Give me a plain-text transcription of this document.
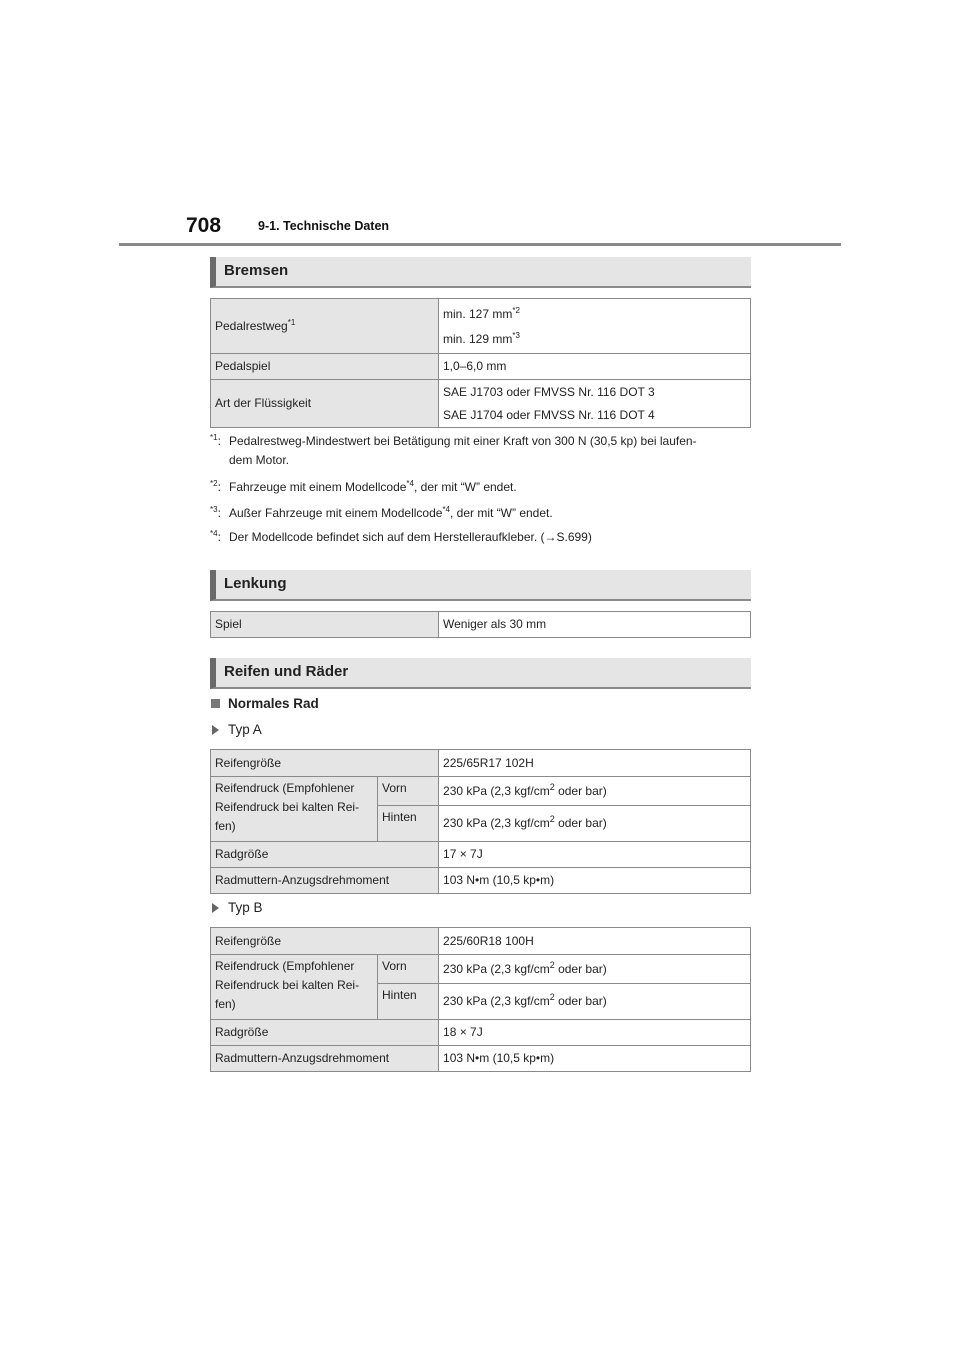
708	9-1. Technische Daten
Bremsen
Pedalrestweg$^{*1}$	min. 127 $mm^{*2}$
min. 129 $mm^{*3}$

Pedalspiel	1,0–6,0 mm
Art der Flüssigkeit	SAE J1703 oder FMVSS Nr. 116 DOT 3
SAE J1704 oder FMVSS Nr. 116 DOT 4
$^{*1}$: Pedalrestweg-Mindestwert bei Betätigung mit einer Kraft von 300 N (30,5 kp) bei laufen-
dem Motor.
$^{*2}$: Fahrzeuge mit einem Modellcode$^{*4}$, der mit “W” endet.
$^{*3}$: Außer Fahrzeuge mit einem Modellcode$^{*4}$, der mit “W” endet.
$^{*4}$: Der Modellcode befindet sich auf dem Herstelleraufkleber. (→S.699)
Lenkung
Spiel	Weniger als 30 mm
Reifen und Räder
Normales Rad
Typ A
Reifengröße		225/65R17 102H

Reifendruck (Empfohlener
Reifendruck bei kalten Rei-
fen)	Vorn	230 kPa (2,3 kgf/$cm^2$ oder bar)
	Hinten	230 kPa (2,3 kgf/$cm^2$ oder bar)
Radgröße		17 × 7J
Radmuttern-Anzugsdrehmoment		103 N•m (10,5 kp•m)
Typ B
Reifengröße		225/60R18 100H

Reifendruck (Empfohlener
Reifendruck bei kalten Rei-
fen)	Vorn	230 kPa (2,3 kgf/$cm^2$ oder bar)
	Hinten	230 kPa (2,3 kgf/$cm^2$ oder bar)
Radgröße		18 × 7J
Radmuttern-Anzugsdrehmoment		103 N•m (10,5 kp•m)
